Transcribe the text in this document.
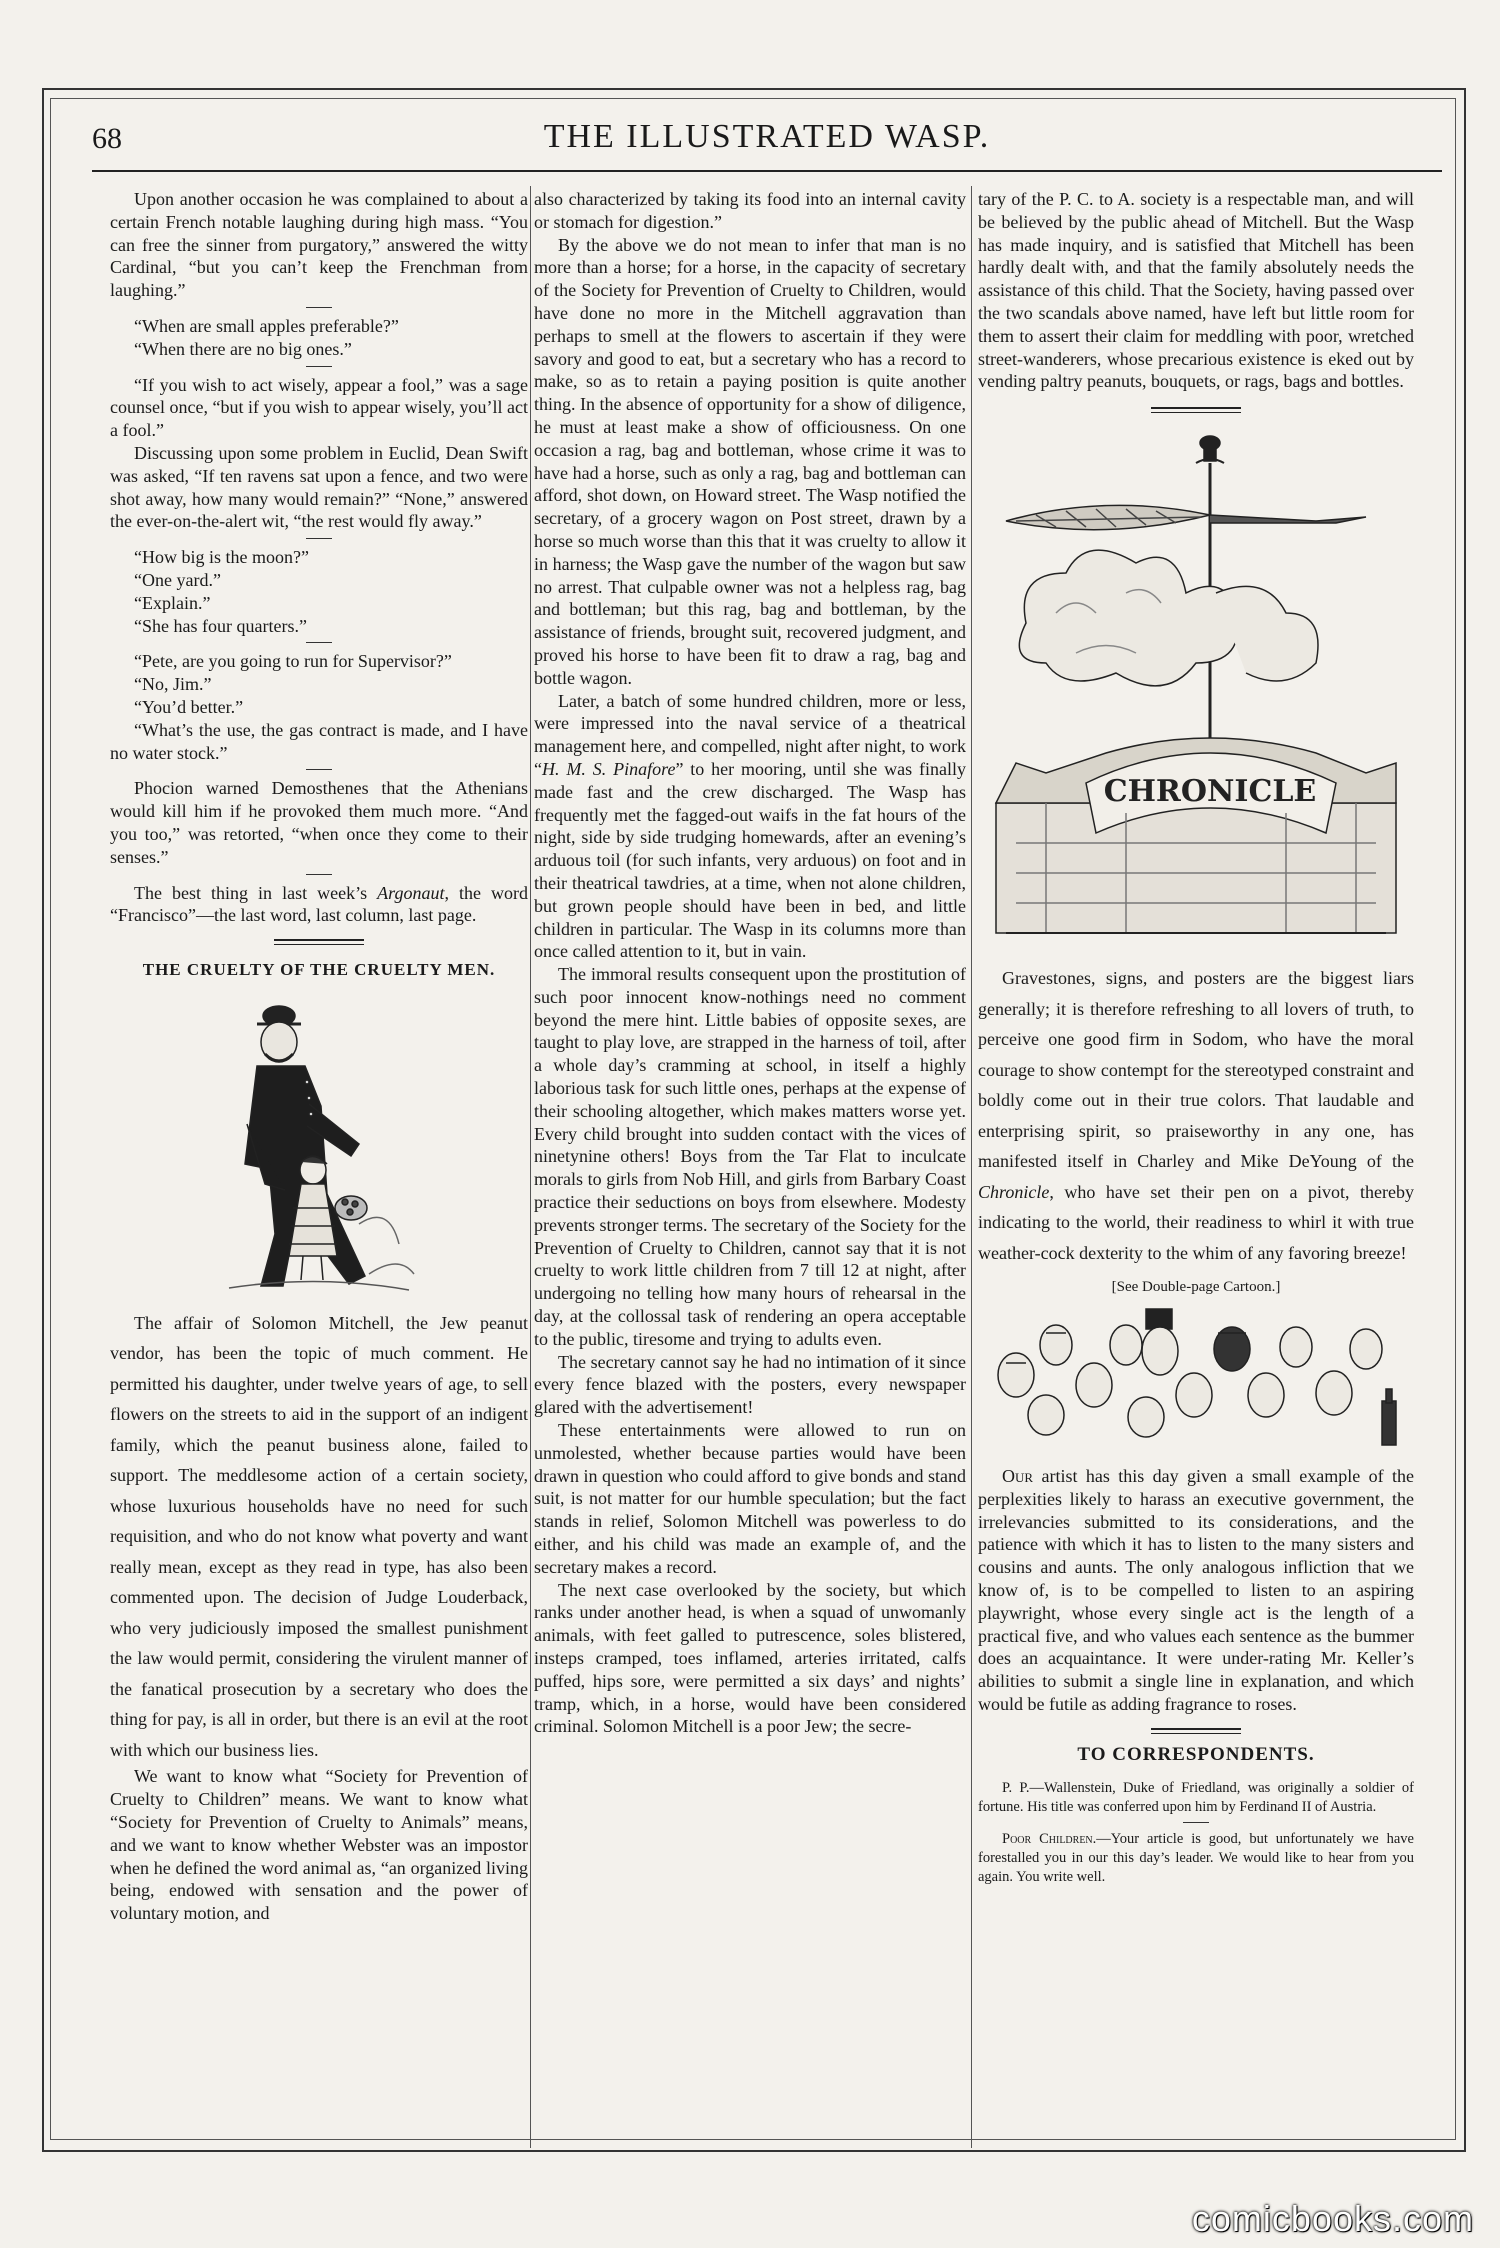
68	THE ILLUSTRATED WASP.

Upon another occasion he was complained to about a certain French notable laughing during high mass. “You can free the sinner from purgatory,” answered the witty Cardinal, “but you can’t keep the Frenchman from laughing.”

“When are small apples preferable?”

“When there are no big ones.”

“If you wish to act wisely, appear a fool,” was a sage counsel once, “but if you wish to appear wisely, you’ll act a fool.”

Discussing upon some problem in Euclid, Dean Swift was asked, “If ten ravens sat upon a fence, and two were shot away, how many would remain?” “None,” answered the ever-on-the-alert wit, “the rest would fly away.”

“How big is the moon?”

“One yard.”

“Explain.”

“She has four quarters.”

“Pete, are you going to run for Supervisor?”

“No, Jim.”

“You’d better.”

“What’s the use, the gas contract is made, and I have no water stock.”

Phocion warned Demosthenes that the Athenians would kill him if he provoked them much more. “And you too,” was retorted, “when once they come to their senses.”

The best thing in last week’s Argonaut, the word “Francisco”—the last word, last column, last page.

THE CRUELTY OF THE CRUELTY MEN.

The affair of Solomon Mitchell, the Jew peanut vendor, has been the topic of much comment. He permitted his daughter, under twelve years of age, to sell flowers on the streets to aid in the support of an indigent family, which the peanut business alone, failed to support. The meddlesome action of a certain society, whose luxurious households have no need for such requisition, and who do not know what poverty and want really mean, except as they read in type, has also been commented upon. The decision of Judge Louderback, who very judiciously imposed the smallest punishment the law would permit, considering the virulent manner of the fanatical prosecution by a secretary who does the thing for pay, is all in order, but there is an evil at the root with which our business lies.

We want to know what “Society for Prevention of Cruelty to Children” means. We want to know what “Society for Prevention of Cruelty to Animals” means, and we want to know whether Webster was an impostor when he defined the word animal as, “an organized living being, endowed with sensation and the power of voluntary motion, and

also characterized by taking its food into an internal cavity or stomach for digestion.”

By the above we do not mean to infer that man is no more than a horse; for a horse, in the capacity of secretary of the Society for Prevention of Cruelty to Children, would have done no more in the Mitchell aggravation than perhaps to smell at the flowers to ascertain if they were savory and good to eat, but a secretary who has a record to make, so as to retain a paying position is quite another thing. In the absence of opportunity for a show of diligence, he must at least make a show of officiousness. On one occasion a rag, bag and bottleman, whose crime it was to have had a horse, such as only a rag, bag and bottleman can afford, shot down, on Howard street. The Wasp notified the secretary, of a grocery wagon on Post street, drawn by a horse so much worse than this that it was cruelty to allow it in harness; the Wasp gave the number of the wagon but saw no arrest. That culpable owner was not a helpless rag, bag and bottleman; but this rag, bag and bottleman, by the assistance of friends, brought suit, recovered judgment, and proved his horse to have been fit to draw a rag, bag and bottle wagon.

Later, a batch of some hundred children, more or less, were impressed into the naval service of a theatrical management here, and compelled, night after night, to work “H. M. S. Pinafore” to her mooring, until she was finally made fast and the crew discharged. The Wasp has frequently met the fagged-out waifs in the fat hours of the night, side by side trudging homewards, after an evening’s arduous toil (for such infants, very arduous) on foot and in their theatrical tawdries, at a time, when not alone children, but grown people should have been in bed, and little children in particular. The Wasp in its columns more than once called attention to it, but in vain.

The immoral results consequent upon the prostitution of such poor innocent know-nothings need no comment beyond the mere hint. Little babies of opposite sexes, are taught to play love, are strapped in the harness of toil, after a whole day’s cramming at school, in itself a highly laborious task for such little ones, perhaps at the expense of their schooling altogether, which makes matters worse yet. Every child brought into sudden contact with the vices of ninetynine others! Boys from the Tar Flat to inculcate morals to girls from Nob Hill, and girls from Barbary Coast practice their seductions on boys from elsewhere. Modesty prevents stronger terms. The secretary of the Society for the Prevention of Cruelty to Children, cannot say that it is not cruelty to work little children from 7 till 12 at night, after undergoing no telling how many hours of rehearsal in the day, at the collossal task of rendering an opera acceptable to the public, tiresome and trying to adults even.

The secretary cannot say he had no intimation of it since every fence blazed with the posters, every newspaper glared with the advertisement!

These entertainments were allowed to run on unmolested, whether because parties would have been drawn in question who could afford to give bonds and stand suit, is not matter for our humble speculation; but the fact stands in relief, Solomon Mitchell was powerless to do either, and his child was made an example of, and the secretary makes a record.

The next case overlooked by the society, but which ranks under another head, is when a squad of unwomanly animals, with feet galled to putrescence, soles blistered, insteps cramped, toes inflamed, arteries irritated, calfs puffed, hips sore, were permitted a six days’ and nights’ tramp, which, in a horse, would have been considered criminal. Solomon Mitchell is a poor Jew; the secre-

tary of the P. C. to A. society is a respectable man, and will be believed by the public ahead of Mitchell. But the Wasp has made inquiry, and is satisfied that Mitchell has been hardly dealt with, and that the family absolutely needs the assistance of this child. That the Society, having passed over the two scandals above named, have left but little room for them to assert their claim for meddling with poor, wretched street-wanderers, whose precarious existence is eked out by vending paltry peanuts, bouquets, or rags, bags and bottles.

CHRONICLE

Gravestones, signs, and posters are the biggest liars generally; it is therefore refreshing to all lovers of truth, to perceive one good firm in Sodom, who have the moral courage to show contempt for the stereotyped constraint and boldly come out in their true colors. That laudable and enterprising spirit, so praiseworthy in any one, has manifested itself in Charley and Mike DeYoung of the Chronicle, who have set their pen on a pivot, thereby indicating to the world, their readiness to whirl it with true weather-cock dexterity to the whim of any favoring breeze!

[See Double-page Cartoon.]

Our artist has this day given a small example of the perplexities likely to harass an executive government, the irrelevancies submitted to its considerations, and the patience with which it has to listen to the many sisters and cousins and aunts. The only analogous infliction that we know of, is to be compelled to listen to an aspiring playwright, whose every single act is the length of a practical five, and who values each sentence as the bummer does an acquaintance. It were under-rating Mr. Keller’s abilities to submit a single line in explanation, and which would be futile as adding fragrance to roses.

TO CORRESPONDENTS.

P. P.—Wallenstein, Duke of Friedland, was originally a soldier of fortune. His title was conferred upon him by Ferdinand II of Austria.

Poor Children.—Your article is good, but unfortunately we have forestalled you in our this day’s leader. We would like to hear from you again. You write well.

comicbooks.com
